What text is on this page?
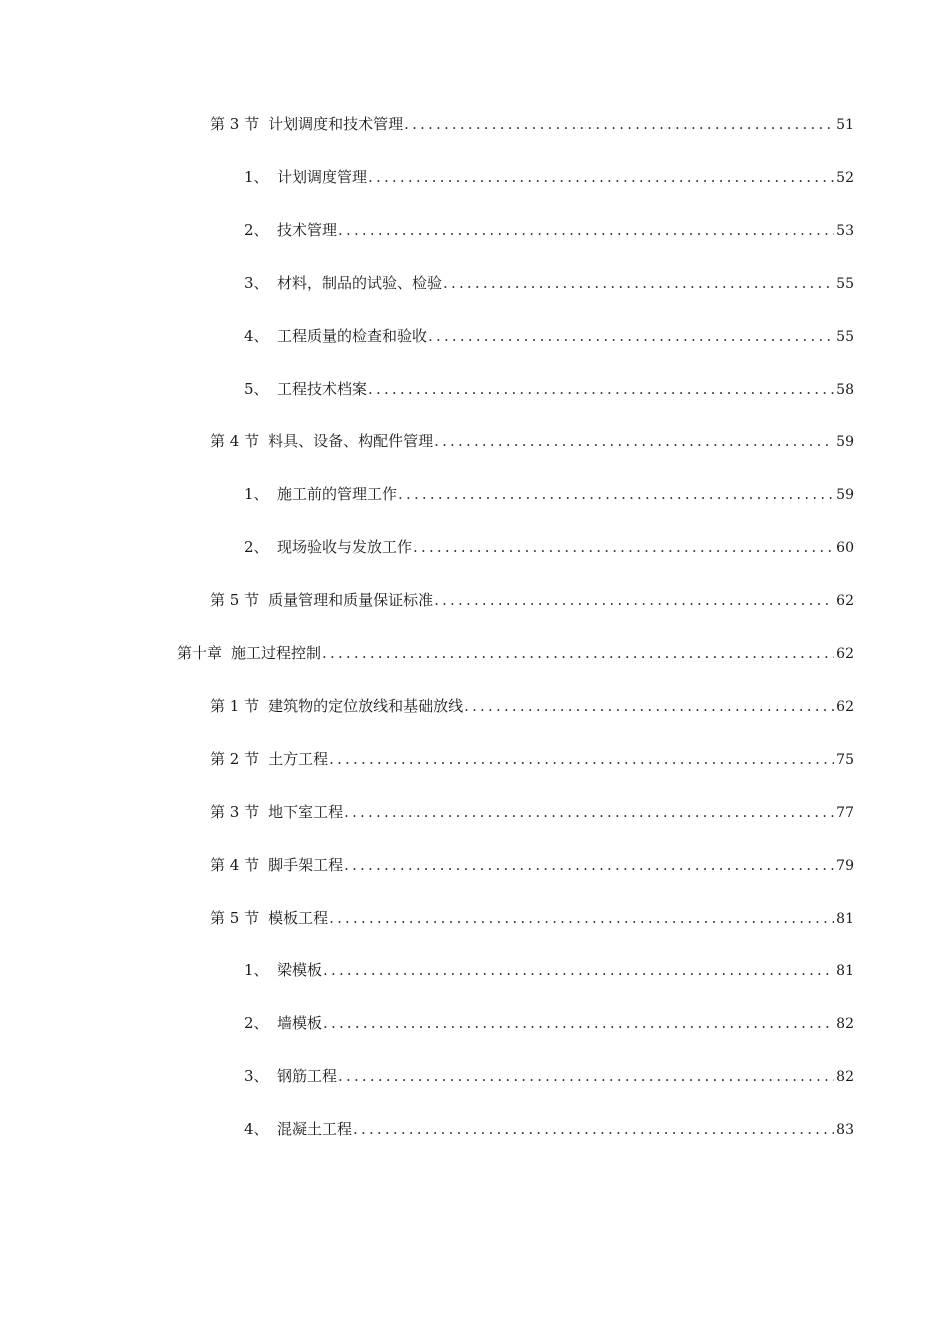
第 3 节 计划调度和技术管理 .....	51
1、 计划调度管理 .....	52
2、 技术管理 .....	53
3、 材料，制品的试验、检验 .....	55
4、 工程质量的检查和验收 .....	55
5、 工程技术档案 .....	58
第 4 节 料具、设备、构配件管理 .....	59
1、 施工前的管理工作 .....	59
2、 现场验收与发放工作 .....	60
第 5 节 质量管理和质量保证标准 .....	62
第十章 施工过程控制 .....	62
第 1 节 建筑物的定位放线和基础放线 .....	62
第 2 节 土方工程 .....	75
第 3 节 地下室工程 .....	77
第 4 节 脚手架工程 .....	79
第 5 节 模板工程 .....	81
1、 梁模板 .....	81
2、 墙模板 .....	82
3、 钢筋工程 .....	82
4、 混凝土工程 .....	83
